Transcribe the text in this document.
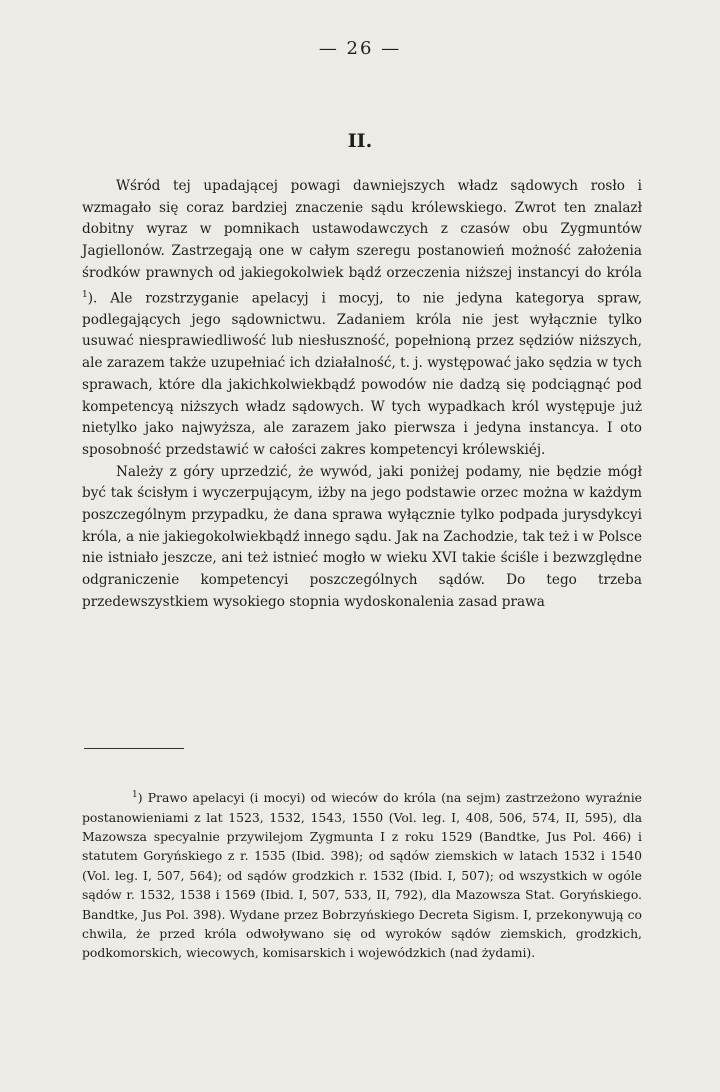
— 26 —
II.

Wśród tej upadającej powagi dawniejszych władz sądowych rosło i wzmagało się coraz bardziej znaczenie sądu królewskiego. Zwrot ten znalazł dobitny wyraz w pomnikach ustawodawczych z czasów obu Zygmuntów Jagiellonów. Zastrzegają one w całym szeregu postanowień możność założenia środków prawnych od jakiegokolwiek bądź orzeczenia niższej instancyi do króla $^1$). Ale rozstrzyganie apelacyj i mocyj, to nie jedyna kategorya spraw, podlegających jego sądownictwu. Zadaniem króla nie jest wyłącznie tylko usuwać niesprawiedliwość lub niesłuszność, popełnioną przez sędziów niższych, ale zarazem także uzupełniać ich działalność, t. j. występować jako sędzia w tych sprawach, które dla jakichkolwiekbądź powodów nie dadzą się podciągnąć pod kompetencyą niższych władz sądowych. W tych wypadkach król występuje już nietylko jako najwyższa, ale zarazem jako pierwsza i jedyna instancya. I oto sposobność przedstawić w całości zakres kompetencyi królewskiéj.

Należy z góry uprzedzić, że wywód, jaki poniżej podamy, nie będzie mógł być tak ścisłym i wyczerpującym, iżby na jego podstawie orzec można w każdym poszczególnym przypadku, że dana sprawa wyłącznie tylko podpada jurysdykcyi króla, a nie jakiegokolwiekbądź innego sądu. Jak na Zachodzie, tak też i w Polsce nie istniało jeszcze, ani też istnieć mogło w wieku XVI takie ściśle i bezwzględne odgraniczenie kompetencyi poszczególnych sądów. Do tego trzeba przedewszystkiem wysokiego stopnia wydoskonalenia zasad prawa

$^1$) Prawo apelacyi (i mocyi) od wieców do króla (na sejm) zastrzeżono wyraźnie postanowieniami z lat 1523, 1532, 1543, 1550 (Vol. leg. I, 408, 506, 574, II, 595), dla Mazowsza specyalnie przywilejom Zygmunta I z roku 1529 (Bandtke, Jus Pol. 466) i statutem Goryńskiego z r. 1535 (Ibid. 398); od sądów ziemskich w latach 1532 i 1540 (Vol. leg. I, 507, 564); od sądów grodzkich r. 1532 (Ibid. I, 507); od wszystkich w ogóle sądów r. 1532, 1538 i 1569 (Ibid. I, 507, 533, II, 792), dla Mazowsza Stat. Goryńskiego. Bandtke, Jus Pol. 398). Wydane przez Bobrzyńskiego Decreta Sigism. I, przekonywują co chwila, że przed króla odwoływano się od wyroków sądów ziemskich, grodzkich, podkomorskich, wiecowych, komisarskich i wojewódzkich (nad żydami).
